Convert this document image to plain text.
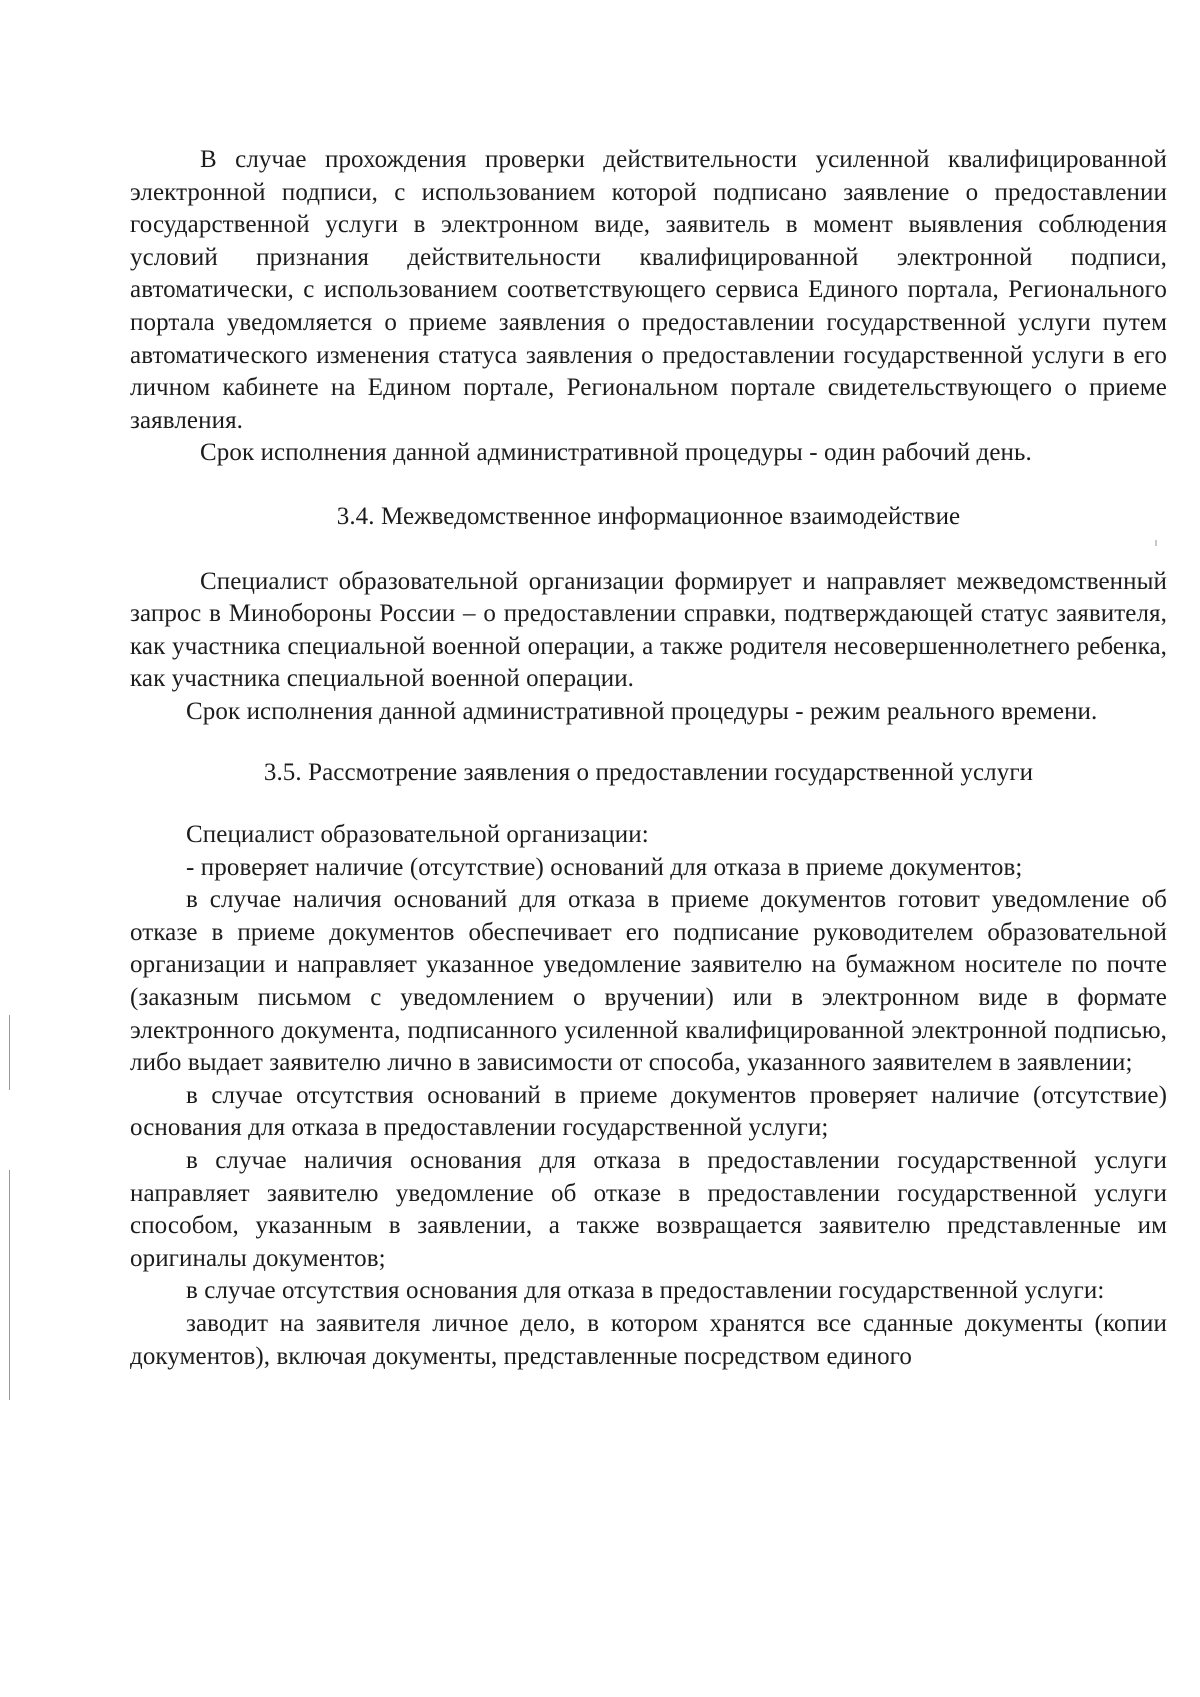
В случае прохождения проверки действительности усиленной квалифицированной электронной подписи, с использованием которой подписано заявление о предоставлении государственной услуги в электронном виде, заявитель в момент выявления соблюдения условий признания действительности квалифицированной электронной подписи, автоматически, с использованием соответствующего сервиса Единого портала, Регионального портала уведомляется о приеме заявления о предоставлении государственной услуги путем автоматического изменения статуса заявления о предоставлении государственной услуги в его личном кабинете на Едином портале, Региональном портале свидетельствующего о приеме заявления.

Срок исполнения данной административной процедуры - один рабочий день.

3.4. Межведомственное информационное взаимодействие

Специалист образовательной организации формирует и направляет межведомственный запрос в Минобороны России – о предоставлении справки, подтверждающей статус заявителя, как участника специальной военной операции, а также родителя несовершеннолетнего ребенка, как участника специальной военной операции.

Срок исполнения данной административной процедуры - режим реального времени.

3.5. Рассмотрение заявления о предоставлении государственной услуги

Специалист образовательной организации:

- проверяет наличие (отсутствие) оснований для отказа в приеме документов;

в случае наличия оснований для отказа в приеме документов готовит уведомление об отказе в приеме документов обеспечивает его подписание руководителем образовательной организации и направляет указанное уведомление заявителю на бумажном носителе по почте (заказным письмом с уведомлением о вручении) или в электронном виде в формате электронного документа, подписанного усиленной квалифицированной электронной подписью, либо выдает заявителю лично в зависимости от способа, указанного заявителем в заявлении;

в случае отсутствия оснований в приеме документов проверяет наличие (отсутствие) основания для отказа в предоставлении государственной услуги;

в случае наличия основания для отказа в предоставлении государственной услуги направляет заявителю уведомление об отказе в предоставлении государственной услуги способом, указанным в заявлении, а также возвращается заявителю представленные им оригиналы документов;

в случае отсутствия основания для отказа в предоставлении государственной услуги:

заводит на заявителя личное дело, в котором хранятся все сданные документы (копии документов), включая документы, представленные посредством единого
